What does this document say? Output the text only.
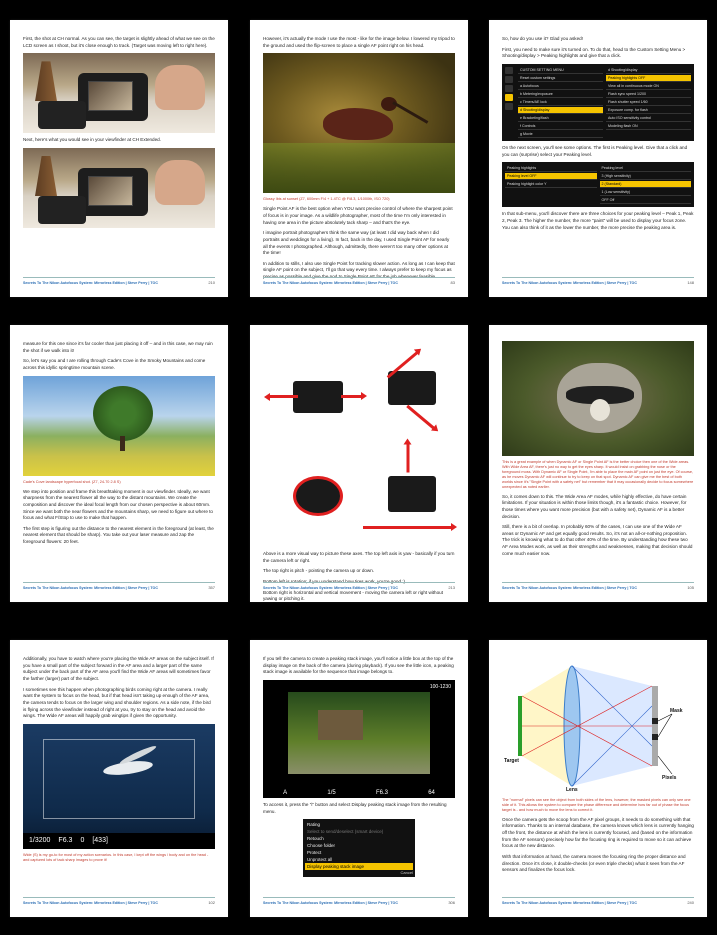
First, the shot at CH normal. As you can see, the target is slightly ahead of what we see on the LCD screen as I shoot, but it's close enough to track. (Target was moving left to right here).

Next, here's what you would see in your viewfinder at CH Extended.

Secrets To The Nikon Autofocus System: Mirrorless Edition | Steve Perry | TOC	210

However, it's actually the mode I use the most - like for the image below. I lowered my tripod to the ground and used the flip-screen to place a single AF point right on his head.

Glossy Ibis at sunset (Z7, 600mm F/4 + 1.4TC @ F/8.3, 1/1000th, ISO 720)

Single Point AF is the best option when YOU want precise control of where the sharpest point of focus is in your image. As a wildlife photographer, most of the time I'm only interested in having one area in the picture absolutely tack sharp – and that's the eye.

I imagine portrait photographers think the same way (at least I did way back when I did portraits and weddings for a living). In fact, back in the day, I used Single Point AF for nearly all the events I photographed. Although, admittedly, there weren't too many other options at the time!

In addition to stills, I also use Single Point for tracking slower action. As long as I can keep that single AF point on the subject, I'll go that way every time. I always prefer to keep my focus as precise as possible and give the nod to Single Point AF for the job whenever feasible.

Secrets To The Nikon Autofocus System: Mirrorless Edition | Steve Perry | TOC	83

So, how do you use it? Glad you asked!

First, you need to make sure it's turned on. To do that, head to the Custom Setting Menu > Shooting/display > Peaking highlights and give that a click.

CUSTOM SETTING MENU
Reset custom settings
a Autofocus
b Metering/exposure
c Timers/AE lock
d Shooting/display
e Bracketing/flash
f Controls
g Movie
d Shooting/display
Peaking highlights OFF
View all in continuous mode ON
Flash sync speed 1/200
Flash shutter speed 1/60
Exposure comp. for flash
Auto ISO sensitivity control
Modeling flash ON

On the next screen, you'll see some options. The first is Peaking level. Give that a click and you can (surprise) select your Peaking level.

Peaking highlights
Peaking level OFF
Peaking highlight color Y
Peaking level
3 (High sensitivity)
2 (Standard)
1 (Low sensitivity)
OFF Off

In that sub-menu, you'll discover there are three choices for your peaking level – Peak 1, Peak 2, Peak 3. The higher the number, the more "paint" will be used to display your focus zone. You can also think of it as the lower the number, the more precise the peaking area is.

Secrets To The Nikon Autofocus System: Mirrorless Edition | Steve Perry | TOC	148

measure for this one since it's far cooler than just placing it off – and in this case, we may ruin the shot if we walk into it!

So, let's say you and I are rolling through Cade's Cove in the Smoky Mountains and come across this idyllic springtime mountain scene.

Cade's Cove landscape hyperfocal shot. (Z7, 24-70 2.8 S)

We step into position and frame this breathtaking moment in our viewfinder. Ideally, we want sharpness from the nearest flower all the way to the distant mountains. We create the composition and discover the ideal focal length from our chosen perspective is about 60mm. Since we want both the near flowers and the mountains sharp, we need to figure out where to focus and what F/Stop to use to make that happen.

The first step is figuring out the distance to the nearest element in the foreground (at least, the nearest element that should be sharp). You take out your laser measure and zap the foreground flowers: 20 feet.

Secrets To The Nikon Autofocus System: Mirrorless Edition | Steve Perry | TOC	357

Above is a more visual way to picture these axes. The top left axis is yaw - basically if you turn the camera left or right.

The top right is pitch - pointing the camera up or down.

Bottom left is rotation; if you understand how tires work, you're good :).

Bottom right is horizontal and vertical movement - moving the camera left or right without yawing or pitching it.

Secrets To The Nikon Autofocus System: Mirrorless Edition | Steve Perry | TOC	213

This is a great example of when Dynamic AF or Single Point AF is the better choice then one of the Wide areas. With Wide Area AF, there's just no way to get the eyes sharp. It would insist on grabbing the nose or the foreground moss. With Dynamic AF or Single Point, I'm able to place the main AF point on just the eye. Of course, as he moves Dynamic AF will continue to try to keep on that spot. Dynamic AF can give me the best of both worlds since it's "Single Point with a safety net" but remember that it may occasionally decide to focus somewhere unexpected as noted earlier.

So, it comes down to this. The Wide Area AF modes, while highly effective, do have certain limitations. If your situation is within those limits though, it's a fantastic choice. However, for those times where you want more precision (but with a safety net), Dynamic AF is a better decision.

Still, there is a bit of overlap. In probably 60% of the cases, I can use one of the Wide AF areas or Dynamic AF and get equally good results. So, it's not an all-or-nothing proposition. The trick is knowing what to do that other 40% of the time. By understanding how these two AF Area Modes work, as well as their strengths and weaknesses, making that decision should come much easier now.

Secrets To The Nikon Autofocus System: Mirrorless Edition | Steve Perry | TOC	105

Additionally, you have to watch where you're placing the Wide AF areas on the subject itself. If you have a small part of the subject forward in the AF area and a larger part of the same subject under the back part of the AF area you'll find the Wide AF areas will sometimes favor the farther (larger) part of the subject.

I sometimes see this happen when photographing birds coming right at the camera. I really want the system to focus on the head, but if that head isn't taking up enough of the AF area, the camera tends to focus on the larger wing and shoulder regions. As a side note, if the bird is flying across the viewfinder instead of right at you, try to stay on the head and avoid the wings. The Wide AF areas will happily grab wingtips if given the opportunity.

1/3200 F6.3 0 [433]

Wide (S) is my go-to for most of my action scenarios. In this case, I kept off the wings / body and on the head - and captured lots of tack sharp images to prove it!

Secrets To The Nikon Autofocus System: Mirrorless Edition | Steve Perry | TOC	102

If you tell the camera to create a peaking stack image, you'll notice a little box at the top of the display image on the back of the camera (during playback). If you see the little icon, a peaking stack image is available for the sequence that image belongs to.

100-1230
A	1/5	F6.3	64

To access it, press the "i" button and select Display peaking stack image from the resulting menu.

Rating
Select to send/deselect (smart device)
Retouch
Choose folder
Protect
Unprotect all
Display peaking stack image
Cancel
Secrets To The Nikon Autofocus System: Mirrorless Edition | Steve Perry | TOC	306
Target
Lens
Mask
Pixels

The "normal" pixels can see the object from both sides of the lens, however, the masked pixels can only see one side of it. This allows the system to compare the phase difference and determine how far out of phase the focus target is - and how much to move the lens to correct it.

Once the camera gets the scoop from the AF pixel groups, it needs to do something with that information. Thanks to an internal database, the camera knows which lens is currently hanging off the front, the distance at which the lens is currently focused, and (based on the information from the AF sensors) precisely how far the focusing ring is required to move so it can achieve focus at the new distance.

With that information at hand, the camera moves the focusing ring the proper distance and direction. Once it's close, it double-checks (or even triple checks) what it sees from the AF sensors and finalizes the focus lock.

Secrets To The Nikon Autofocus System: Mirrorless Edition | Steve Perry | TOC	240
